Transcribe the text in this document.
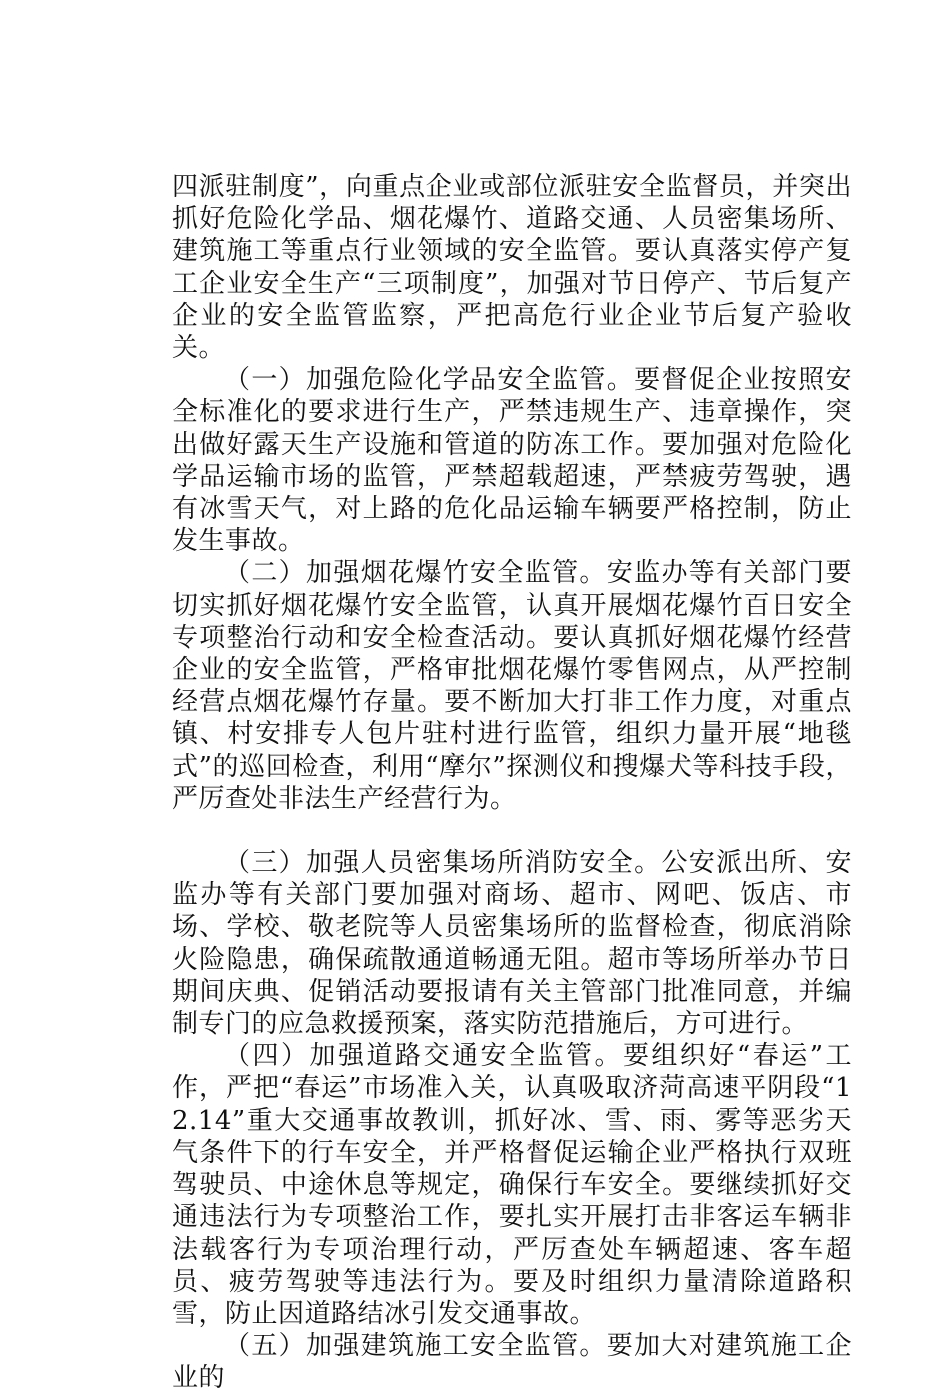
四派驻制度”，向重点企业或部位派驻安全监督员，并突出抓好危险化学品、烟花爆竹、道路交通、人员密集场所、建筑施工等重点行业领域的安全监管。要认真落实停产复工企业安全生产“三项制度”，加强对节日停产、节后复产企业的安全监管监察，严把高危行业企业节后复产验收关。

（一）加强危险化学品安全监管。要督促企业按照安全标准化的要求进行生产，严禁违规生产、违章操作，突出做好露天生产设施和管道的防冻工作。要加强对危险化学品运输市场的监管，严禁超载超速，严禁疲劳驾驶，遇有冰雪天气，对上路的危化品运输车辆要严格控制，防止发生事故。

（二）加强烟花爆竹安全监管。安监办等有关部门要切实抓好烟花爆竹安全监管，认真开展烟花爆竹百日安全专项整治行动和安全检查活动。要认真抓好烟花爆竹经营企业的安全监管，严格审批烟花爆竹零售网点，从严控制经营点烟花爆竹存量。要不断加大打非工作力度，对重点镇、村安排专人包片驻村进行监管，组织力量开展“地毯式”的巡回检查，利用“摩尔”探测仪和搜爆犬等科技手段，严厉查处非法生产经营行为。

（三）加强人员密集场所消防安全。公安派出所、安监办等有关部门要加强对商场、超市、网吧、饭店、市场、学校、敬老院等人员密集场所的监督检查，彻底消除火险隐患，确保疏散通道畅通无阻。超市等场所举办节日期间庆典、促销活动要报请有关主管部门批准同意，并编制专门的应急救援预案，落实防范措施后，方可进行。

（四）加强道路交通安全监管。要组织好“春运”工作，严把“春运”市场准入关，认真吸取济菏高速平阴段“12.14”重大交通事故教训，抓好冰、雪、雨、雾等恶劣天气条件下的行车安全，并严格督促运输企业严格执行双班驾驶员、中途休息等规定，确保行车安全。要继续抓好交通违法行为专项整治工作，要扎实开展打击非客运车辆非法载客行为专项治理行动，严厉查处车辆超速、客车超员、疲劳驾驶等违法行为。要及时组织力量清除道路积雪，防止因道路结冰引发交通事故。

（五）加强建筑施工安全监管。要加大对建筑施工企业的
